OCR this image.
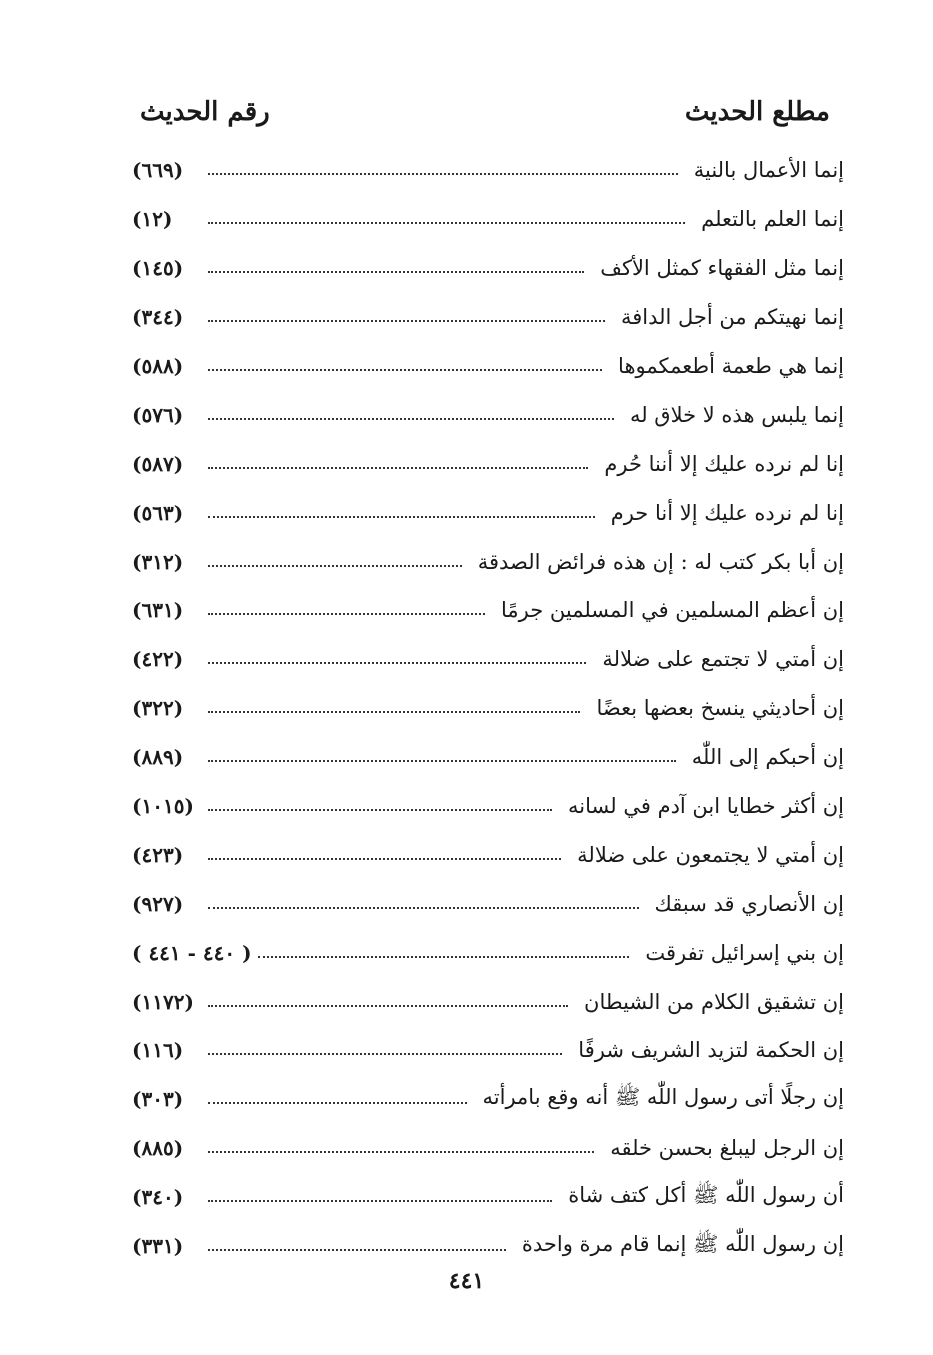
مطلع الحديث
رقم الحديث
إنما الأعمال بالنية
(٦٦٩)
إنما العلم بالتعلم
(١٢)
إنما مثل الفقهاء كمثل الأكف
(١٤٥)
إنما نهيتكم من أجل الدافة
(٣٤٤)
إنما هي طعمة أطعمكموها
(٥٨٨)
إنما يلبس هذه لا خلاق له
(٥٧٦)
إنا لم نرده عليك إلا أننا حُرم
(٥٨٧)
إنا لم نرده عليك إلا أنا حرم
(٥٦٣)
إن أبا بكر كتب له : إن هذه فرائض الصدقة
(٣١٢)
إن أعظم المسلمين في المسلمين جرمًا
(٦٣١)
إن أمتي لا تجتمع على ضلالة
(٤٢٢)
إن أحاديثي ينسخ بعضها بعضًا
(٣٢٢)
إن أحبكم إلى اللّٰه
(٨٨٩)
إن أكثر خطايا ابن آدم في لسانه
(١٠١٥)
إن أمتي لا يجتمعون على ضلالة
(٤٢٣)
إن الأنصاري قد سبقك
(٩٢٧)
إن بني إسرائيل تفرقت
( ٤٤٠ - ٤٤١ )
إن تشقيق الكلام من الشيطان
(١١٧٢)
إن الحكمة لتزيد الشريف شرفًا
(١١٦)
إن رجلًا أتى رسول اللّٰه ﷺ أنه وقع بامرأته
(٣٠٣)
إن الرجل ليبلغ بحسن خلقه
(٨٨٥)
أن رسول اللّٰه ﷺ أكل كتف شاة
(٣٤٠)
إن رسول اللّٰه ﷺ إنما قام مرة واحدة
(٣٣١)
٤٤١
